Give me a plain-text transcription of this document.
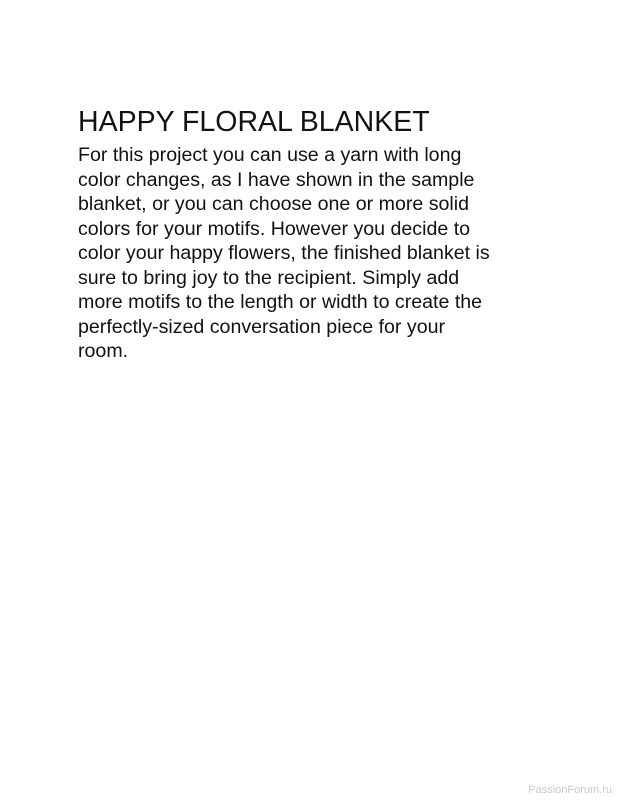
HAPPY FLORAL BLANKET

For this project you can use a yarn with long
color changes, as I have shown in the sample
blanket, or you can choose one or more solid
colors for your motifs. However you decide to
color your happy flowers, the finished blanket is
sure to bring joy to the recipient. Simply add
more motifs to the length or width to create the
perfectly-sized conversation piece for your
room.

PassionForum.ru
